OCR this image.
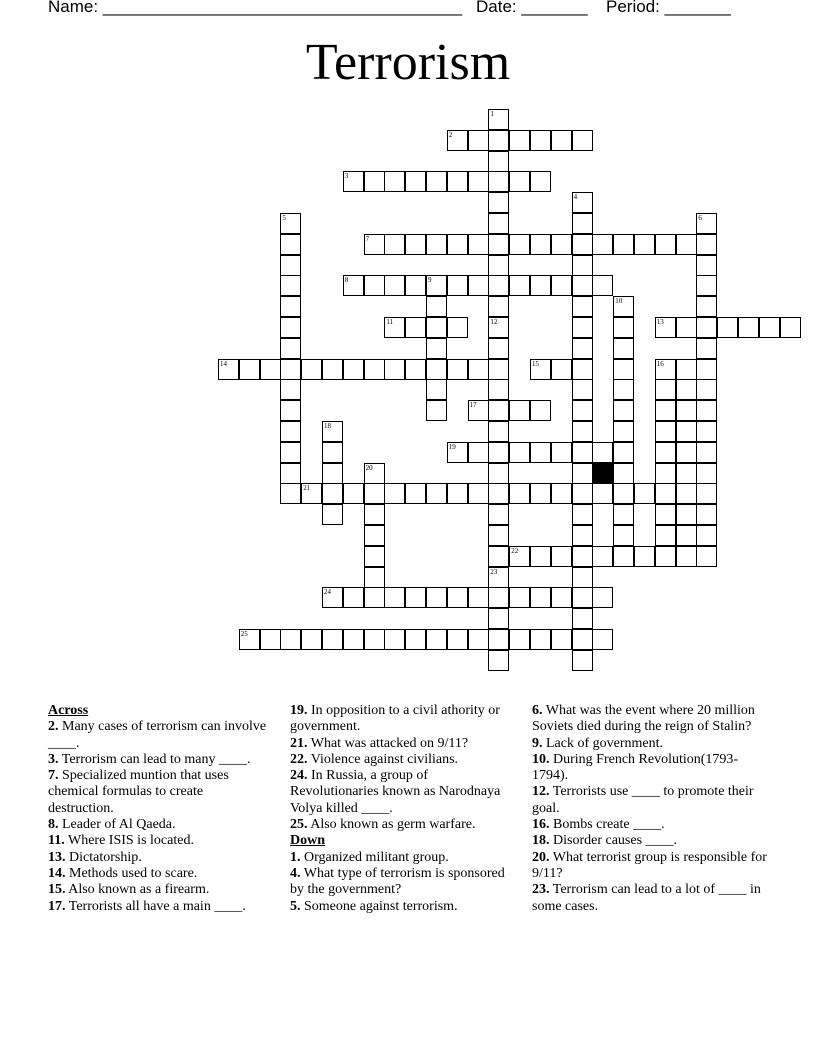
Name: ______________________________________ Date: _______ Period: _______
Terrorism
2
3
7
8	9
11	13
14	15
17
19
21
22
24
25
1
12
4
5	6
10
23
16
18
20
Across
2. Many cases of terrorism can involve ____.
3. Terrorism can lead to many ____.
7. Specialized muntion that uses chemical formulas to create destruction.
8. Leader of Al Qaeda.
11. Where ISIS is located.
13. Dictatorship.
14. Methods used to scare.
15. Also known as a firearm.
17. Terrorists all have a main ____.
19. In opposition to a civil athority or government.
21. What was attacked on 9/11?
22. Violence against civilians.
24. In Russia, a group of Revolutionaries known as Narodnaya Volya killed ____.
25. Also known as germ warfare.
Down
1. Organized militant group.
4. What type of terrorism is sponsored by the government?
5. Someone against terrorism.
6. What was the event where 20 million Soviets died during the reign of Stalin?
9. Lack of government.
10. During French Revolution(1793-1794).
12. Terrorists use ____ to promote their goal.
16. Bombs create ____.
18. Disorder causes ____.
20. What terrorist group is responsible for 9/11?
23. Terrorism can lead to a lot of ____ in some cases.
